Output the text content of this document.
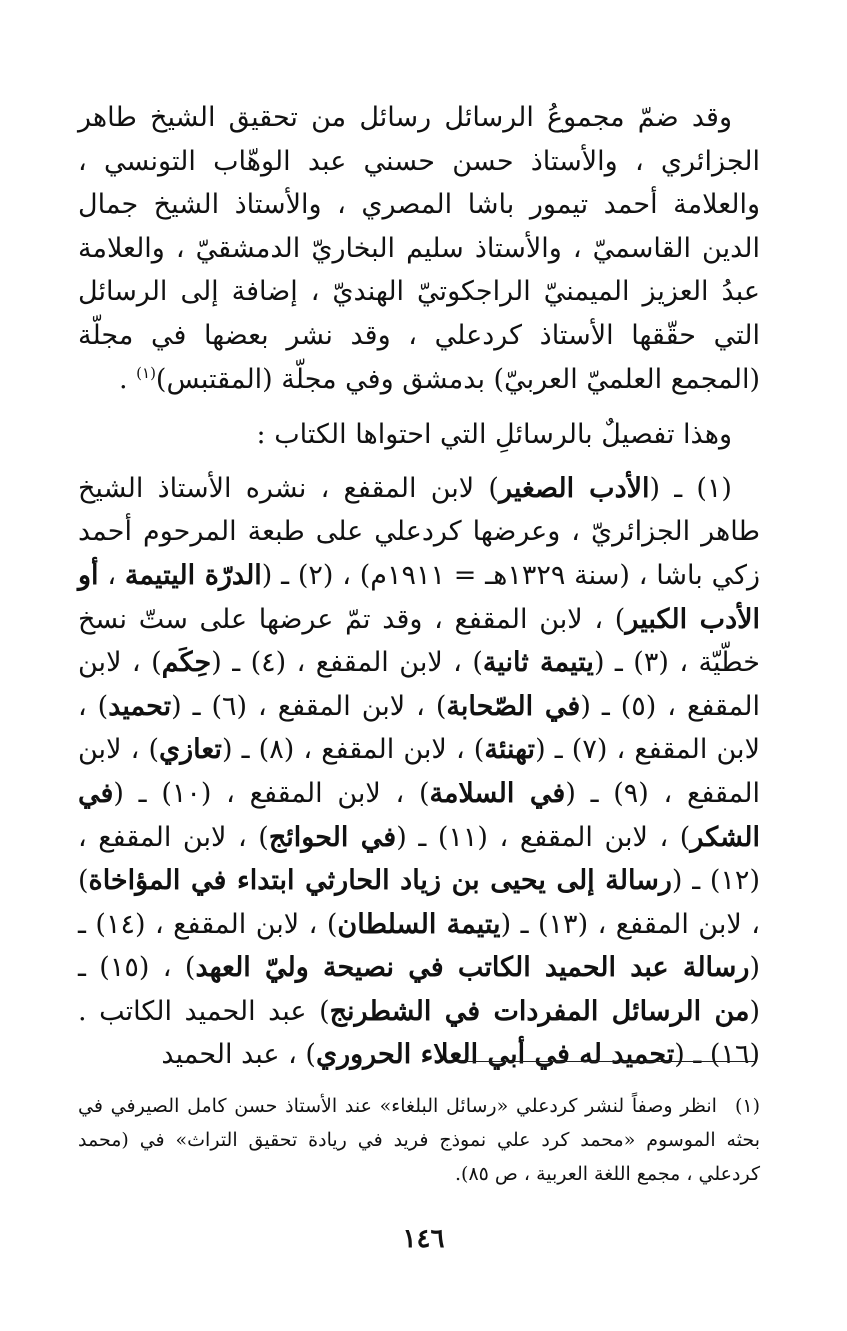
وقد ضمّ مجموعُ الرسائل رسائل من تحقيق الشيخ طاهر الجزائري ، والأستاذ حسن حسني عبد الوهّاب التونسي ، والعلامة أحمد تيمور باشا المصري ، والأستاذ الشيخ جمال الدين القاسميّ ، والأستاذ سليم البخاريّ الدمشقيّ ، والعلامة عبدُ العزيز الميمنيّ الراجكوتيّ الهنديّ ، إضافة إلى الرسائل التي حقّقها الأستاذ كردعلي ، وقد نشر بعضها في مجلّة (المجمع العلميّ العربيّ) بدمشق وفي مجلّة (المقتبس)$^{(١)}$ .

وهذا تفصيلٌ بالرسائلِ التي احتواها الكتاب :

(١) ـ (الأدب الصغير) لابن المقفع ، نشره الأستاذ الشيخ طاهر الجزائريّ ، وعرضها كردعلي على طبعة المرحوم أحمد زكي باشا ، (سنة ١٣٢٩هـ = ١٩١١م) ، (٢) ـ (الدرّة اليتيمة ، أو الأدب الكبير) ، لابن المقفع ، وقد تمّ عرضها على ستّ نسخ خطّيّة ، (٣) ـ (يتيمة ثانية) ، لابن المقفع ، (٤) ـ (حِكَم) ، لابن المقفع ، (٥) ـ (في الصّحابة) ، لابن المقفع ، (٦) ـ (تحميد) ، لابن المقفع ، (٧) ـ (تهنئة) ، لابن المقفع ، (٨) ـ (تعازي) ، لابن المقفع ، (٩) ـ (في السلامة) ، لابن المقفع ، (١٠) ـ (في الشكر) ، لابن المقفع ، (١١) ـ (في الحوائج) ، لابن المقفع ، (١٢) ـ (رسالة إلى يحيى بن زياد الحارثي ابتداء في المؤاخاة) ، لابن المقفع ، (١٣) ـ (يتيمة السلطان) ، لابن المقفع ، (١٤) ـ (رسالة عبد الحميد الكاتب في نصيحة وليّ العهد) ، (١٥) ـ (من الرسائل المفردات في الشطرنج) عبد الحميد الكاتب . (١٦) ـ (تحميد له في أبي العلاء الحروري) ، عبد الحميد

(١)انظر وصفاً لنشر كردعلي «رسائل البلغاء» عند الأستاذ حسن كامل الصيرفي في بحثه الموسوم «محمد كرد علي نموذج فريد في ريادة تحقيق التراث» في (محمد كردعلي ، مجمع اللغة العربية ، ص ٨٥).

١٤٦
